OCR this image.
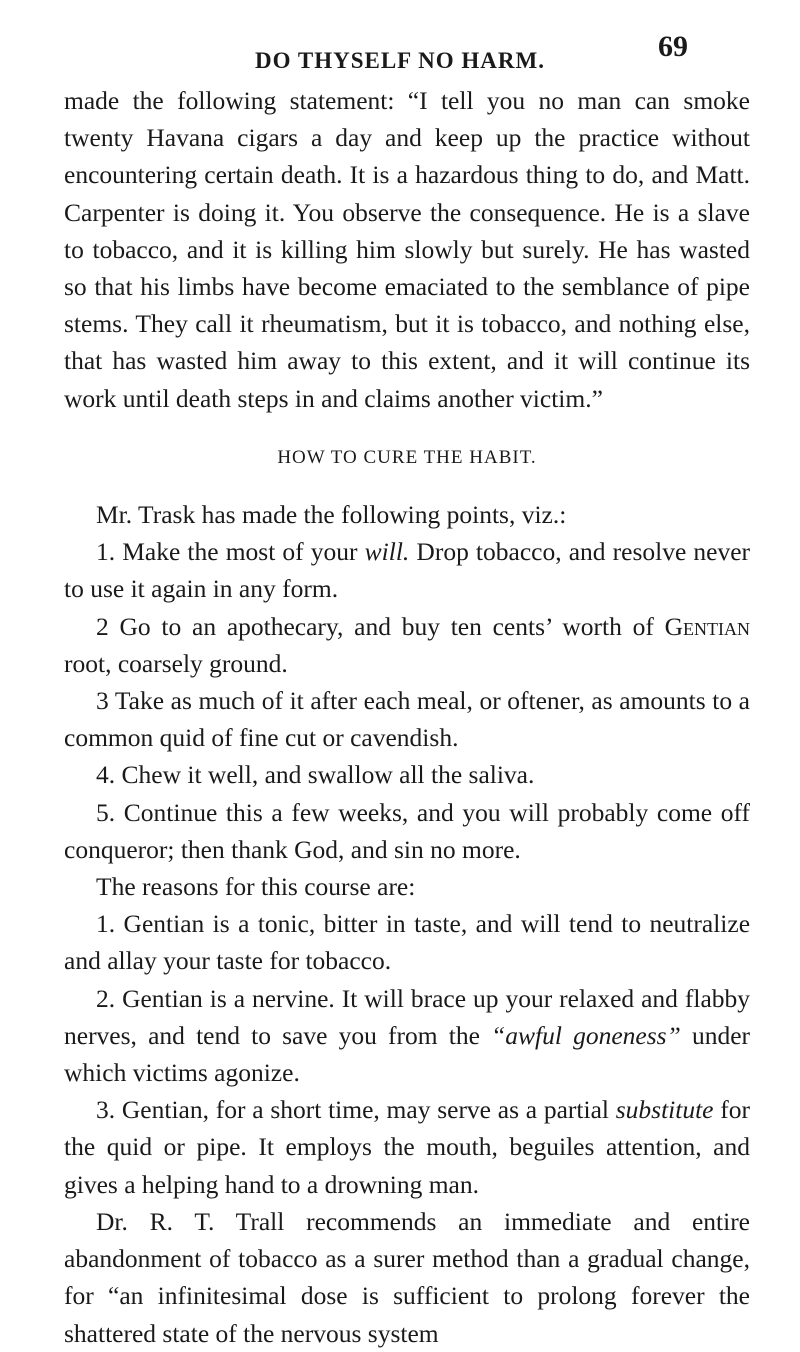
DO THYSELF NO HARM.	69

made the following statement: “I tell you no man can smoke twenty Havana cigars a day and keep up the practice without encountering certain death. It is a hazardous thing to do, and Matt. Carpenter is doing it. You observe the consequence. He is a slave to tobacco, and it is killing him slowly but surely. He has wasted so that his limbs have become emaciated to the semblance of pipe stems. They call it rheumatism, but it is tobacco, and nothing else, that has wasted him away to this extent, and it will continue its work until death steps in and claims another victim.”

HOW TO CURE THE HABIT.

Mr. Trask has made the following points, viz.:

1. Make the most of your will. Drop tobacco, and resolve never to use it again in any form.

2 Go to an apothecary, and buy ten cents’ worth of Gentian root, coarsely ground.

3 Take as much of it after each meal, or oftener, as amounts to a common quid of fine cut or cavendish.

4. Chew it well, and swallow all the saliva.

5. Continue this a few weeks, and you will probably come off conqueror; then thank God, and sin no more.

The reasons for this course are:

1. Gentian is a tonic, bitter in taste, and will tend to neutralize and allay your taste for tobacco.

2. Gentian is a nervine. It will brace up your relaxed and flabby nerves, and tend to save you from the “awful goneness” under which victims agonize.

3. Gentian, for a short time, may serve as a partial substitute for the quid or pipe. It employs the mouth, beguiles attention, and gives a helping hand to a drowning man.

Dr. R. T. Trall recommends an immediate and entire abandonment of tobacco as a surer method than a gradual change, for “an infinitesimal dose is sufficient to prolong forever the shattered state of the nervous system
